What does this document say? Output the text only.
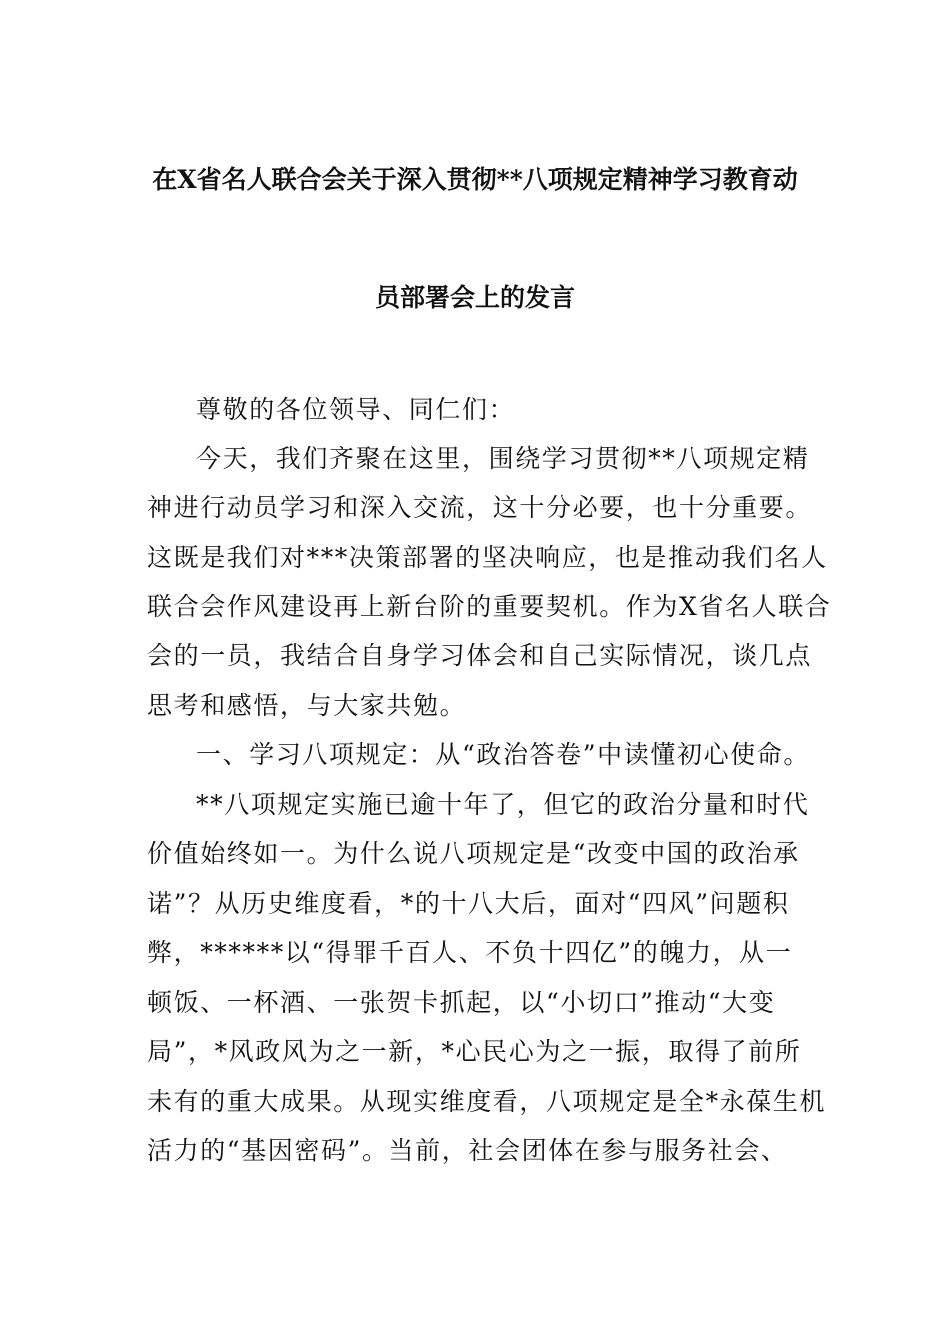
在X省名人联合会关于深入贯彻**八项规定精神学习教育动
员部署会上的发言
尊敬的各位领导、同仁们：
今天，我们齐聚在这里，围绕学习贯彻**八项规定精
神进行动员学习和深入交流，这十分必要，也十分重要。
这既是我们对***决策部署的坚决响应，也是推动我们名人
联合会作风建设再上新台阶的重要契机。作为X省名人联合
会的一员，我结合自身学习体会和自己实际情况，谈几点
思考和感悟，与大家共勉。
一、学习八项规定：从“政治答卷”中读懂初心使命。
**八项规定实施已逾十年了，但它的政治分量和时代
价值始终如一。为什么说八项规定是“改变中国的政治承
诺”？从历史维度看，*的十八大后，面对“四风”问题积
弊，******以“得罪千百人、不负十四亿”的魄力，从一
顿饭、一杯酒、一张贺卡抓起，以“小切口”推动“大变
局”，*风政风为之一新，*心民心为之一振，取得了前所
未有的重大成果。从现实维度看，八项规定是全*永葆生机
活力的“基因密码”。当前，社会团体在参与服务社会、
